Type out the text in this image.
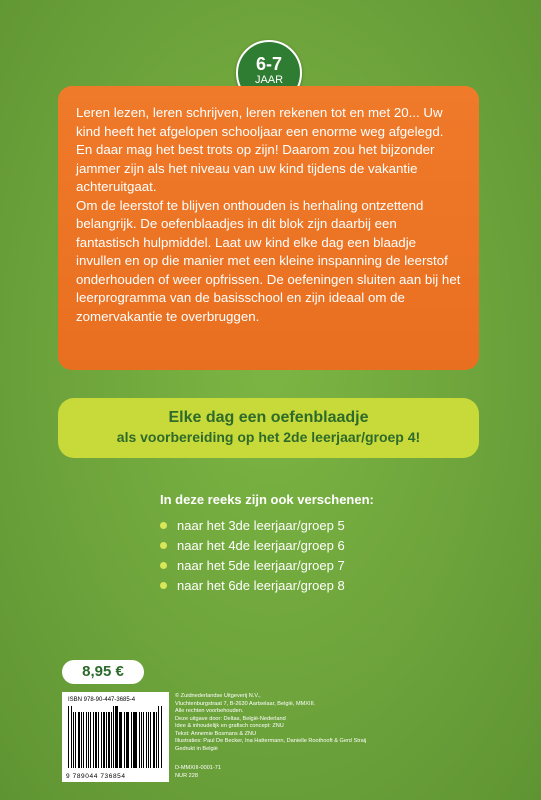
6-7
JAAR

Leren lezen, leren schrijven, leren rekenen tot en met 20... Uw kind heeft het afgelopen schooljaar een enorme weg afgelegd. En daar mag het best trots op zijn! Daarom zou het bijzonder jammer zijn als het niveau van uw kind tijdens de vakantie achteruitgaat.

Om de leerstof te blijven onthouden is herhaling ontzettend belangrijk. De oefenblaadjes in dit blok zijn daarbij een fantastisch hulpmiddel. Laat uw kind elke dag een blaadje invullen en op die manier met een kleine inspanning de leerstof onderhouden of weer opfrissen. De oefeningen sluiten aan bij het leerprogramma van de basisschool en zijn ideaal om de zomervakantie te overbruggen.

Elke dag een oefenblaadje
als voorbereiding op het 2de leerjaar/groep 4!
In deze reeks zijn ook verschenen:
naar het 3de leerjaar/groep 5
naar het 4de leerjaar/groep 6
naar het 5de leerjaar/groep 7
naar het 6de leerjaar/groep 8
8,95 €
ISBN 978-90-447-3685-4
9 789044 736854
© Zuidnederlandse Uitgeverij N.V.,
Vluchtenburgstraat 7, B-2630 Aartselaar, België, MMXIII.
Alle rechten voorbehouden.
Deze uitgave door: Deltas, België-Nederland
Idee & inhoudelijk en grafisch concept: ZNU
Tekst: Annemie Bosmans & ZNU
Illustraties: Paul De Becker, Ina Hattermann, Danielle Roothooft & Gerd Straij
Gedrukt in België
D-MMXIII-0001-71
NUR 228
